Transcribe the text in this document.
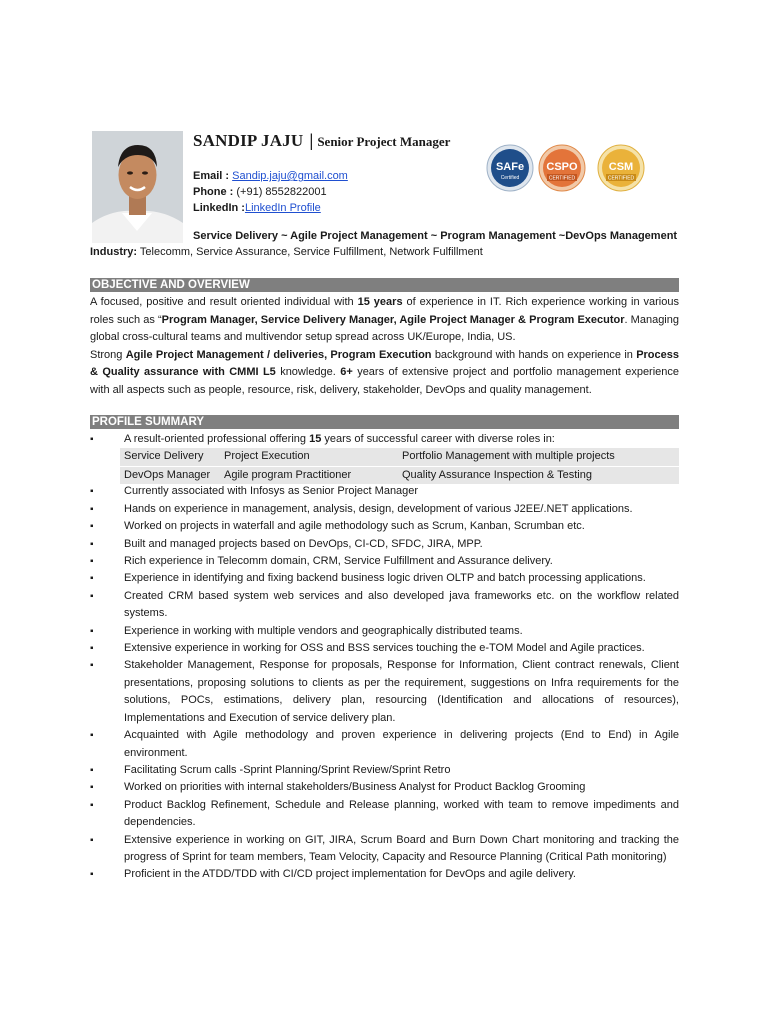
SANDIP JAJU | Senior Project Manager
Email : Sandip.jaju@gmail.com
Phone : (+91) 8552822001
LinkedIn :LinkedIn Profile
Service Delivery ~ Agile Project Management ~ Program Management ~DevOps Management
Industry: Telecomm, Service Assurance, Service Fulfillment, Network Fulfillment
SAFe
Certified
CSPO
CERTIFIED
CSM
CERTIFIED
OBJECTIVE AND OVERVIEW
A focused, positive and result oriented individual with 15 years of experience in IT. Rich experience working in various roles such as “Program Manager, Service Delivery Manager, Agile Project Manager & Program Executor. Managing global cross-cultural teams and multivendor setup spread across UK/Europe, India, US.
Strong Agile Project Management / deliveries, Program Execution background with hands on experience in Process & Quality assurance with CMMI L5 knowledge. 6+ years of extensive project and portfolio management experience with all aspects such as people, resource, risk, delivery, stakeholder, DevOps and quality management.
PROFILE SUMMARY
▪ A result-oriented professional offering 15 years of successful career with diverse roles in:
▪ Currently associated with Infosys as Senior Project Manager
▪ Hands on experience in management, analysis, design, development of various J2EE/.NET applications.
▪ Worked on projects in waterfall and agile methodology such as Scrum, Kanban, Scrumban etc.
▪ Built and managed projects based on DevOps, CI-CD, SFDC, JIRA, MPP.
▪ Rich experience in Telecomm domain, CRM, Service Fulfillment and Assurance delivery.
▪ Experience in identifying and fixing backend business logic driven OLTP and batch processing applications.
▪ Created CRM based system web services and also developed java frameworks etc. on the workflow related systems.
▪ Experience in working with multiple vendors and geographically distributed teams.
▪ Extensive experience in working for OSS and BSS services touching the e-TOM Model and Agile practices.
▪ Stakeholder Management, Response for proposals, Response for Information, Client contract renewals, Client presentations, proposing solutions to clients as per the requirement, suggestions on Infra requirements for the solutions, POCs, estimations, delivery plan, resourcing (Identification and allocations of resources), Implementations and Execution of service delivery plan.
▪ Acquainted with Agile methodology and proven experience in delivering projects (End to End) in Agile environment.
▪ Facilitating Scrum calls -Sprint Planning/Sprint Review/Sprint Retro
▪ Worked on priorities with internal stakeholders/Business Analyst for Product Backlog Grooming
▪ Product Backlog Refinement, Schedule and Release planning, worked with team to remove impediments and dependencies.
▪ Extensive experience in working on GIT, JIRA, Scrum Board and Burn Down Chart monitoring and tracking the progress of Sprint for team members, Team Velocity, Capacity and Resource Planning (Critical Path monitoring)
▪ Proficient in the ATDD/TDD with CI/CD project implementation for DevOps and agile delivery.
Service Delivery	Project Execution	Portfolio Management with multiple projects
DevOps Manager	Agile program Practitioner	Quality Assurance Inspection & Testing
